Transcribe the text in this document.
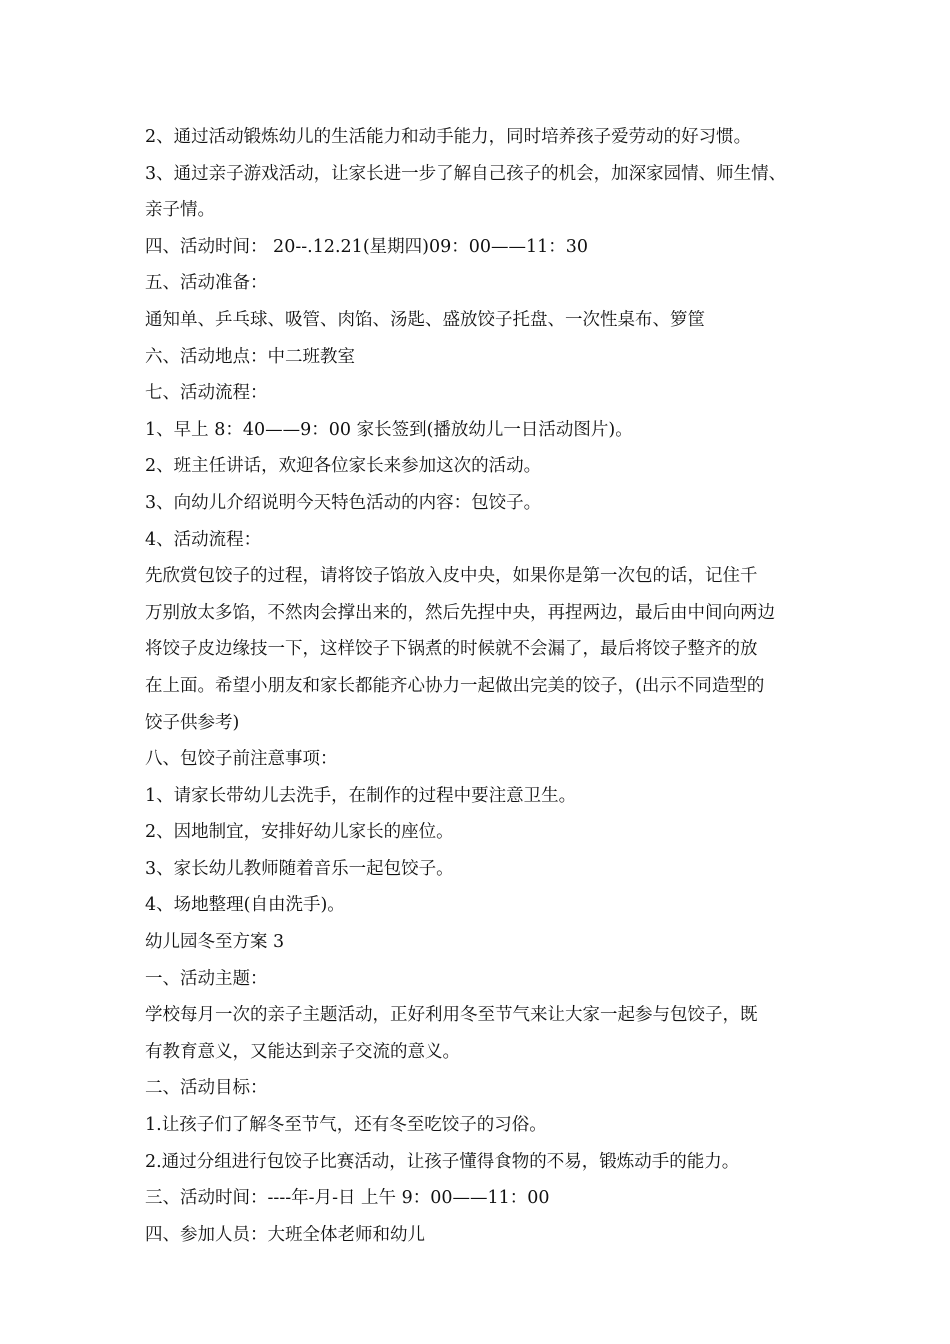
2、通过活动锻炼幼儿的生活能力和动手能力，同时培养孩子爱劳动的好习惯。
3、通过亲子游戏活动，让家长进一步了解自己孩子的机会，加深家园情、师生情、
亲子情。
四、活动时间： 20--.12.21(星期四)09：00——11：30
五、活动准备：
通知单、乒乓球、吸管、肉馅、汤匙、盛放饺子托盘、一次性桌布、箩筐
六、活动地点：中二班教室
七、活动流程：
1、早上 8：40——9：00 家长签到(播放幼儿一日活动图片)。
2、班主任讲话，欢迎各位家长来参加这次的活动。
3、向幼儿介绍说明今天特色活动的内容：包饺子。
4、活动流程：
先欣赏包饺子的过程，请将饺子馅放入皮中央，如果你是第一次包的话，记住千
万别放太多馅，不然肉会撑出来的，然后先捏中央，再捏两边，最后由中间向两边
将饺子皮边缘技一下，这样饺子下锅煮的时候就不会漏了，最后将饺子整齐的放
在上面。希望小朋友和家长都能齐心协力一起做出完美的饺子，(出示不同造型的
饺子供参考)
八、包饺子前注意事项：
1、请家长带幼儿去洗手，在制作的过程中要注意卫生。
2、因地制宜，安排好幼儿家长的座位。
3、家长幼儿教师随着音乐一起包饺子。
4、场地整理(自由洗手)。
幼儿园冬至方案 3
一、活动主题：
学校每月一次的亲子主题活动，正好利用冬至节气来让大家一起参与包饺子，既
有教育意义，又能达到亲子交流的意义。
二、活动目标：
1.让孩子们了解冬至节气，还有冬至吃饺子的习俗。
2.通过分组进行包饺子比赛活动，让孩子懂得食物的不易，锻炼动手的能力。
三、活动时间：----年-月-日 上午 9：00——11：00
四、参加人员：大班全体老师和幼儿
